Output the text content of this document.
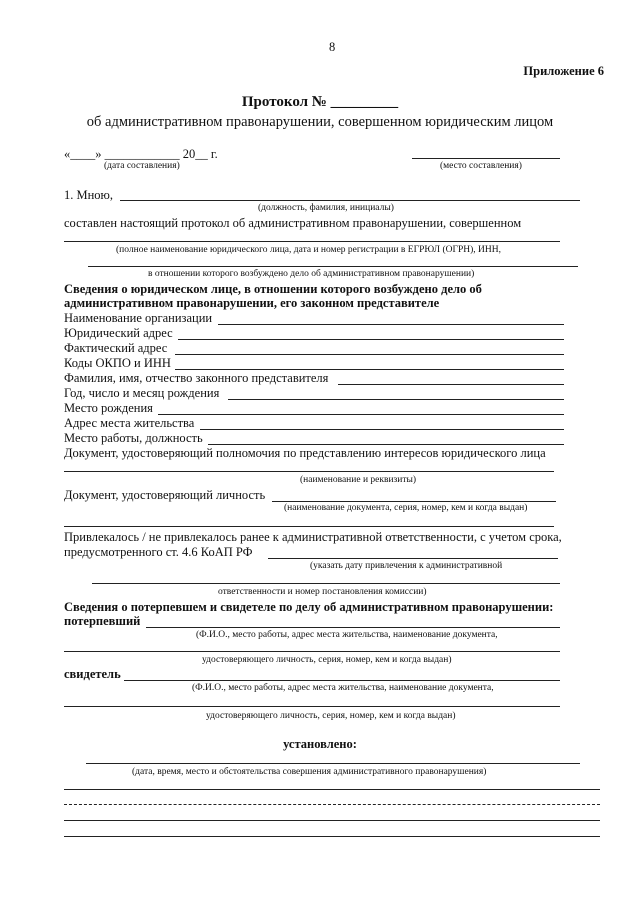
8
Приложение 6
Протокол № _________
об административном правонарушении, совершенном юридическим лицом
«____» ____________ 20__ г.
(дата составления)	(место составления)
1. Мною,
(должность, фамилия, инициалы)
составлен настоящий протокол об административном правонарушении, совершенном
(полное наименование юридического лица, дата и номер регистрации в ЕГРЮЛ (ОГРН), ИНН,
в отношении которого возбуждено дело об административном правонарушении)
Сведения о юридическом лице, в отношении которого возбуждено дело об
административном правонарушении, его законном представителе
Наименование организации
Юридический адрес
Фактический адрес
Коды ОКПО и ИНН
Фамилия, имя, отчество законного представителя
Год, число и месяц рождения
Место рождения
Адрес места жительства
Место работы, должность
Документ, удостоверяющий полномочия по представлению интересов юридического лица
(наименование и реквизиты)
Документ, удостоверяющий личность
(наименование документа, серия, номер, кем и когда выдан)
Привлекалось / не привлекалось ранее к административной ответственности, с учетом срока,
предусмотренного ст. 4.6 КоАП РФ
(указать дату привлечения к административной
ответственности и номер постановления комиссии)
Сведения о потерпевшем и свидетеле по делу об административном правонарушении:
потерпевший
(Ф.И.О., место работы, адрес места жительства, наименование документа,
удостоверяющего личность, серия, номер, кем и когда выдан)
свидетель
(Ф.И.О., место работы, адрес места жительства, наименование документа,
удостоверяющего личность, серия, номер, кем и когда выдан)
установлено:
(дата, время, место и обстоятельства совершения административного правонарушения)
